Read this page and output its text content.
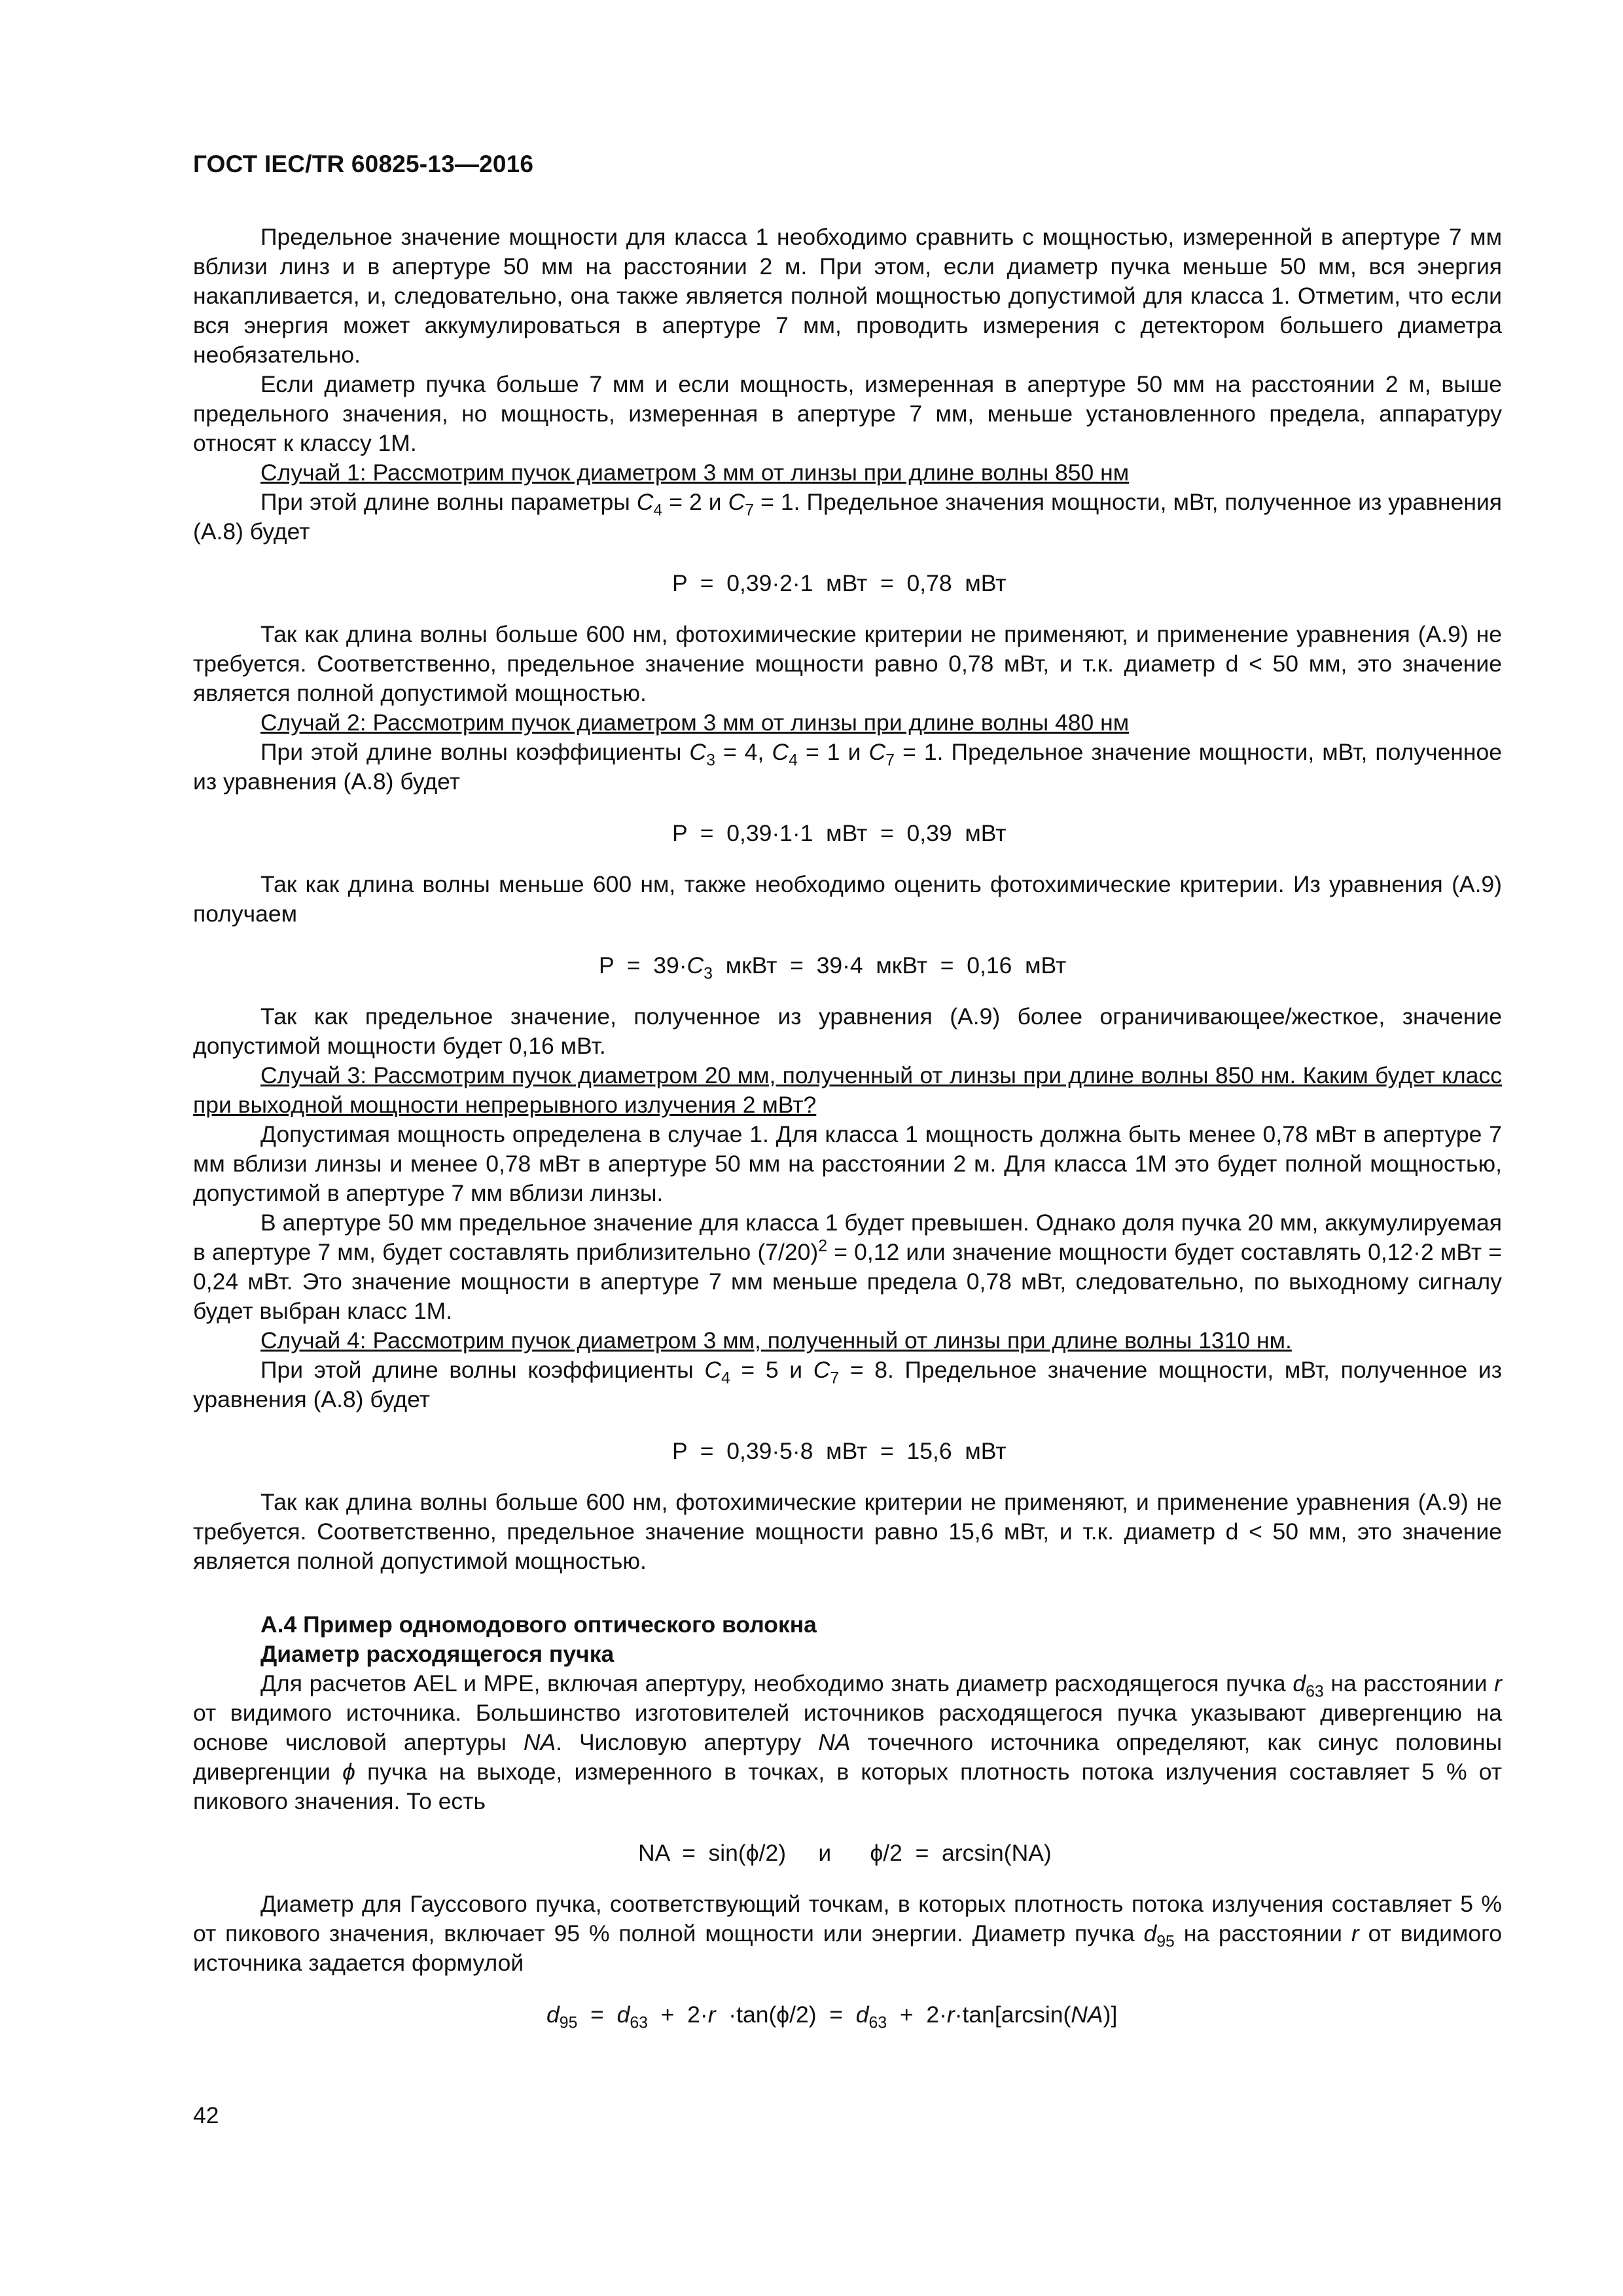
ГОСТ IEC/TR 60825-13—2016

Предельное значение мощности для класса 1 необходимо сравнить с мощностью, измеренной в апертуре 7 мм вблизи линз и в апертуре 50 мм на расстоянии 2 м. При этом, если диаметр пучка меньше 50 мм, вся энергия накапливается, и, следовательно, она также является полной мощностью допустимой для класса 1. Отметим, что если вся энергия может аккумулироваться в апертуре 7 мм, проводить измерения с детектором большего диаметра необязательно.

Если диаметр пучка больше 7 мм и если мощность, измеренная в апертуре 50 мм на расстоянии 2 м, выше предельного значения, но мощность, измеренная в апертуре 7 мм, меньше установленного предела, аппаратуру относят к классу 1М.

Случай 1: Рассмотрим пучок диаметром 3 мм от линзы при длине волны 850 нм

При этой длине волны параметры $C_4 = 2$ и $C_7 = 1$. Предельное значения мощности, мВт, полученное из уравнения (А.8) будет

P  =  0,39·2·1  мВт  =  0,78  мВт

Так как длина волны больше 600 нм, фотохимические критерии не применяют, и применение уравнения (А.9) не требуется. Соответственно, предельное значение мощности равно 0,78 мВт, и т.к. диаметр d < 50 мм, это значение является полной допустимой мощностью.

Случай 2: Рассмотрим пучок диаметром 3 мм от линзы при длине волны 480 нм

При этой длине волны коэффициенты $C_3 = 4$, $C_4 = 1$ и $C_7 = 1$. Предельное значение мощности, мВт, полученное из уравнения (А.8) будет

P  =  0,39·1·1  мВт  =  0,39  мВт

Так как длина волны меньше 600 нм, также необходимо оценить фотохимические критерии. Из уравнения (А.9) получаем

$P = 39\cdot C_3$  мкВт  =  39·4  мкВт  =  0,16  мВт

Так как предельное значение, полученное из уравнения (А.9) более ограничивающее/жесткое, значение допустимой мощности будет 0,16 мВт.

Случай 3: Рассмотрим пучок диаметром 20 мм, полученный от линзы при длине волны 850 нм. Каким будет класс при выходной мощности непрерывного излучения 2 мВт?

Допустимая мощность определена в случае 1. Для класса 1 мощность должна быть менее 0,78 мВт в апертуре 7 мм вблизи линзы и менее 0,78 мВт в апертуре 50 мм на расстоянии 2 м. Для класса 1М это будет полной мощностью, допустимой в апертуре 7 мм вблизи линзы.

В апертуре 50 мм предельное значение для класса 1 будет превышен. Однако доля пучка 20 мм, аккумулируемая в апертуре 7 мм, будет составлять приблизительно $(7/20)^2 = 0,12$ или значение мощности будет составлять 0,12·2 мВт = 0,24 мВт. Это значение мощности в апертуре 7 мм меньше предела 0,78 мВт, следовательно, по выходному сигналу будет выбран класс 1М.

Случай 4: Рассмотрим пучок диаметром 3 мм, полученный от линзы при длине волны 1310 нм.

При этой длине волны коэффициенты $C_4 = 5$ и $C_7 = 8$. Предельное значение мощности, мВт, полученное из уравнения (А.8) будет

P  =  0,39·5·8  мВт  =  15,6  мВт

Так как длина волны больше 600 нм, фотохимические критерии не применяют, и применение уравнения (А.9) не требуется. Соответственно, предельное значение мощности равно 15,6 мВт, и т.к. диаметр d < 50 мм, это значение является полной допустимой мощностью.

А.4 Пример одномодового оптического волокна

Диаметр расходящегося пучка

Для расчетов AEL и MPE, включая апертуру, необходимо знать диаметр расходящегося пучка $d_{63}$ на расстоянии r от видимого источника. Большинство изготовителей источников расходящегося пучка указывают дивергенцию на основе числовой апертуры NA. Числовую апертуру NA точечного источника определяют, как синус половины дивергенции ϕ пучка на выходе, измеренного в точках, в которых плотность потока излучения составляет 5 % от пикового значения. То есть

NA  =  sin(ϕ/2)     и      ϕ/2  =  arcsin(NA)

Диаметр для Гауссового пучка, соответствующий точкам, в которых плотность потока излучения составляет 5 % от пикового значения, включает 95 % полной мощности или энергии. Диаметр пучка $d_{95}$ на расстоянии r от видимого источника задается формулой

$d_{95} = d_{63} + 2\cdot r \cdot\tan(\phi/2) = d_{63} + 2\cdot r\cdot\tan[\arcsin(NA)]$
42
